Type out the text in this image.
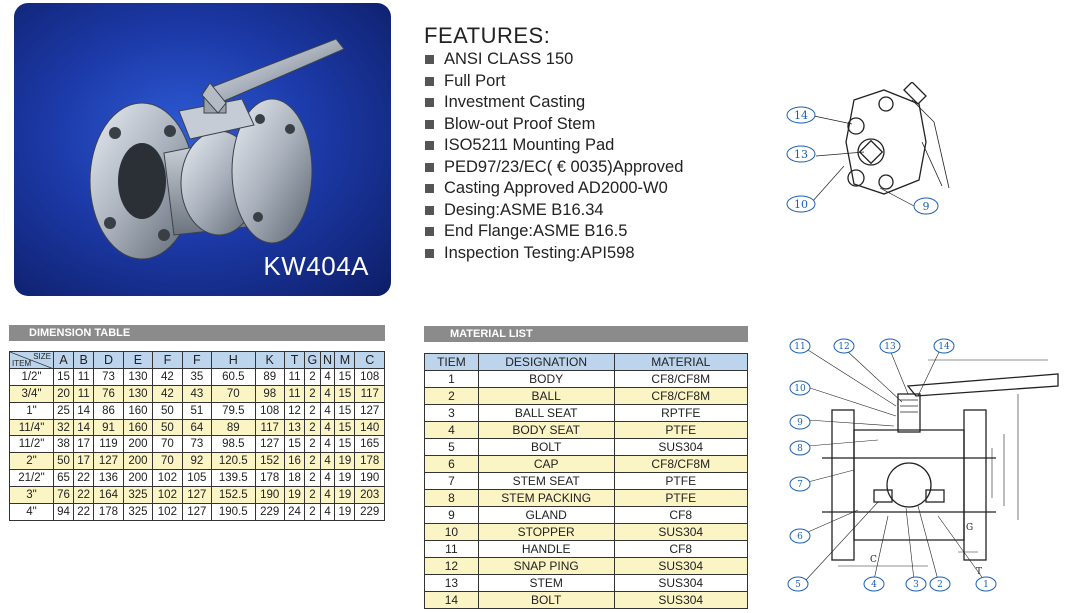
KW404A
FEATURES:
ANSI CLASS 150
Full Port
Investment Casting
Blow-out Proof Stem
ISO5211 Mounting Pad
PED97/23/EC( € 0035)Approved
Casting Approved AD2000-W0
Desing:ASME B16.34
End Flange:ASME B16.5
Inspection Testing:API598
14
13
10	9
DIMENSION TABLE
SIZE
ITEM	A	B	D	E	F	F	H	K	T	G	N	M	C
1/2"	15	11	73	130	42	35	60.5	89	11	2	4	15	108
3/4"	20	11	76	130	42	43	70	98	11	2	4	15	117
1"	25	14	86	160	50	51	79.5	108	12	2	4	15	127
11/4"	32	14	91	160	50	64	89	117	13	2	4	15	140
11/2"	38	17	119	200	70	73	98.5	127	15	2	4	15	165
2"	50	17	127	200	70	92	120.5	152	16	2	4	19	178
21/2"	65	22	136	200	102	105	139.5	178	18	2	4	19	190
3"	76	22	164	325	102	127	152.5	190	19	2	4	19	203
4"	94	22	178	325	102	127	190.5	229	24	2	4	19	229
MATERIAL LIST
TIEM	DESIGNATION	MATERIAL
1	BODY	CF8/CF8M
2	BALL	CF8/CF8M
3	BALL SEAT	RPTFE
4	BODY SEAT	PTFE
5	BOLT	SUS304
6	CAP	CF8/CF8M
7	STEM SEAT	PTFE
8	STEM PACKING	PTFE
9	GLAND	CF8
10	STOPPER	SUS304
11	HANDLE	CF8
12	SNAP PING	SUS304
13	STEM	SUS304
14	BOLT	SUS304
T
G
C
11	12	13	14
10
9
8
7
6
5	4	3 2	1
